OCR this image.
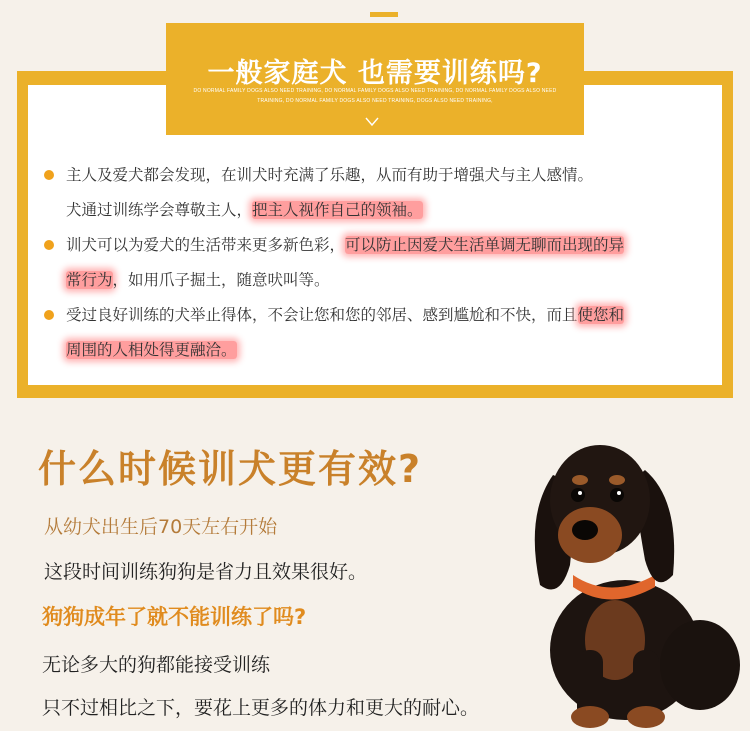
一般家庭犬 也需要训练吗?
DO NORMAL FAMILY DOGS ALSO NEED TRAINING, DO NORMAL FAMILY DOGS ALSO NEED TRAINING, DO NORMAL FAMILY DOGS ALSO NEED TRAINING, DO NORMAL FAMILY DOGS ALSO NEED TRAINING, DOGS ALSO NEED TRAINING,
主人及爱犬都会发现，在训犬时充满了乐趣，从而有助于增强犬与主人感情。
犬通过训练学会尊敬主人，把主人视作自己的领袖。
训犬可以为爱犬的生活带来更多新色彩，可以防止因爱犬生活单调无聊而出现的异
常行为，如用爪子掘土，随意吠叫等。
受过良好训练的犬举止得体，不会让您和您的邻居、感到尴尬和不快，而且使您和
周围的人相处得更融洽。
什么时候训犬更有效?
从幼犬出生后70天左右开始
这段时间训练狗狗是省力且效果很好。
狗狗成年了就不能训练了吗?
无论多大的狗都能接受训练
只不过相比之下，要花上更多的体力和更大的耐心。
